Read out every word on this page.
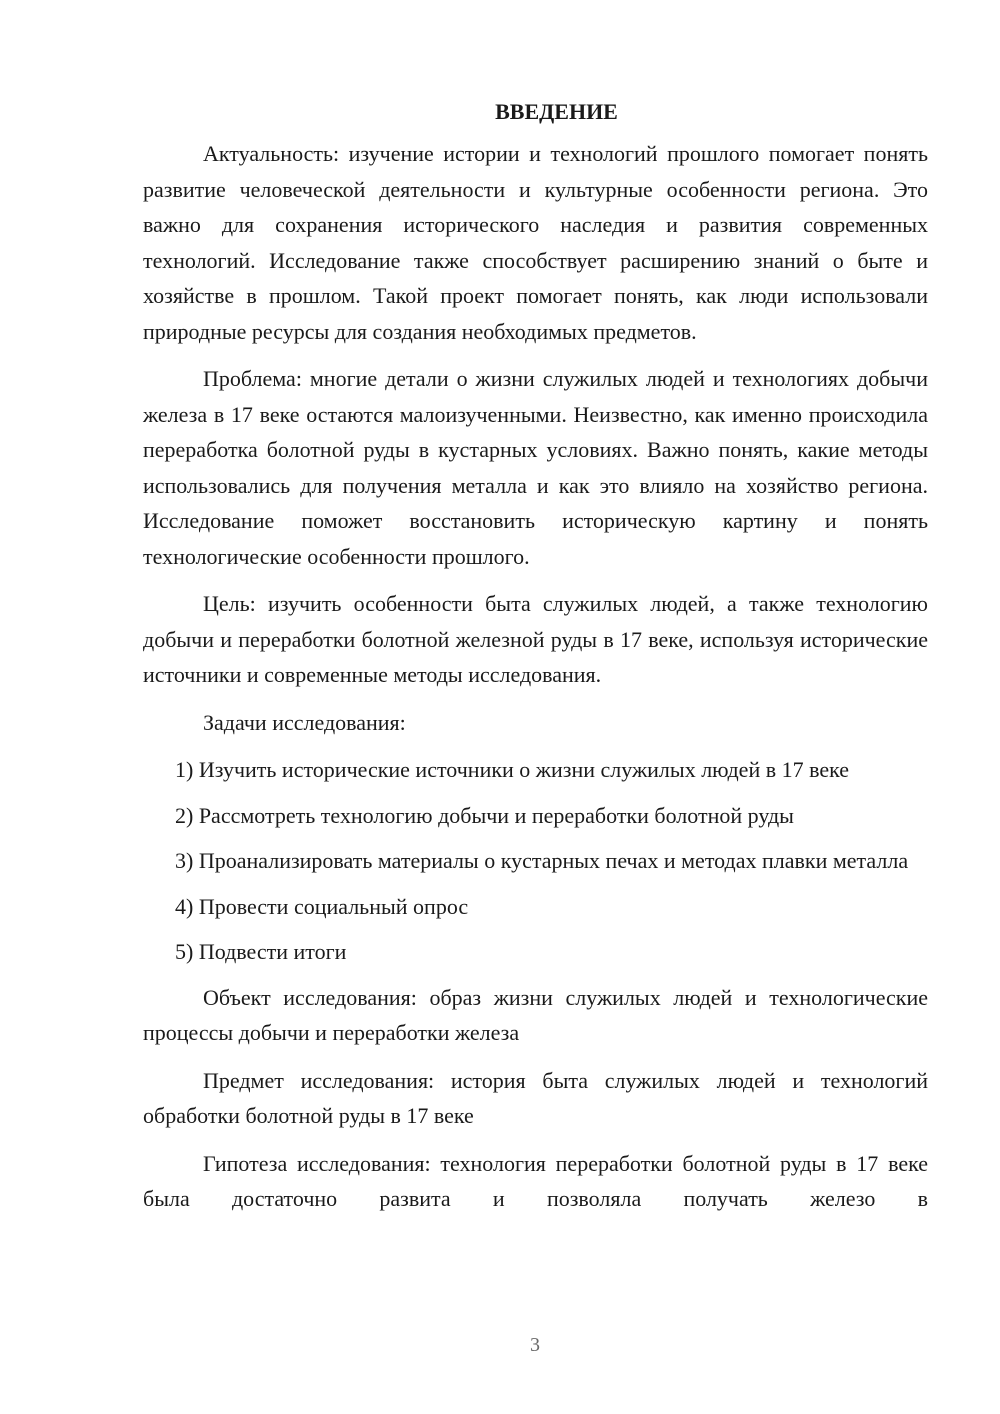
ВВЕДЕНИЕ

Актуальность: изучение истории и технологий прошлого помогает понять развитие человеческой деятельности и культурные особенности региона. Это важно для сохранения исторического наследия и развития современных технологий. Исследование также способствует расширению знаний о быте и хозяйстве в прошлом. Такой проект помогает понять, как люди использовали природные ресурсы для создания необходимых предметов.

Проблема: многие детали о жизни служилых людей и технологиях добычи железа в 17 веке остаются малоизученными. Неизвестно, как именно происходила переработка болотной руды в кустарных условиях. Важно понять, какие методы использовались для получения металла и как это влияло на хозяйство региона. Исследование поможет восстановить историческую картину и понять технологические особенности прошлого.

Цель: изучить особенности быта служилых людей, а также технологию добычи и переработки болотной железной руды в 17 веке, используя исторические источники и современные методы исследования.

Задачи исследования:

1) Изучить исторические источники о жизни служилых людей в 17 веке

2) Рассмотреть технологию добычи и переработки болотной руды

3) Проанализировать материалы о кустарных печах и методах плавки металла

4) Провести социальный опрос

5) Подвести итоги

Объект исследования: образ жизни служилых людей и технологические процессы добычи и переработки железа

Предмет исследования: история быта служилых людей и технологий обработки болотной руды в 17 веке

Гипотеза исследования: технология переработки болотной руды в 17 веке была достаточно развита и позволяла получать железо в

3
